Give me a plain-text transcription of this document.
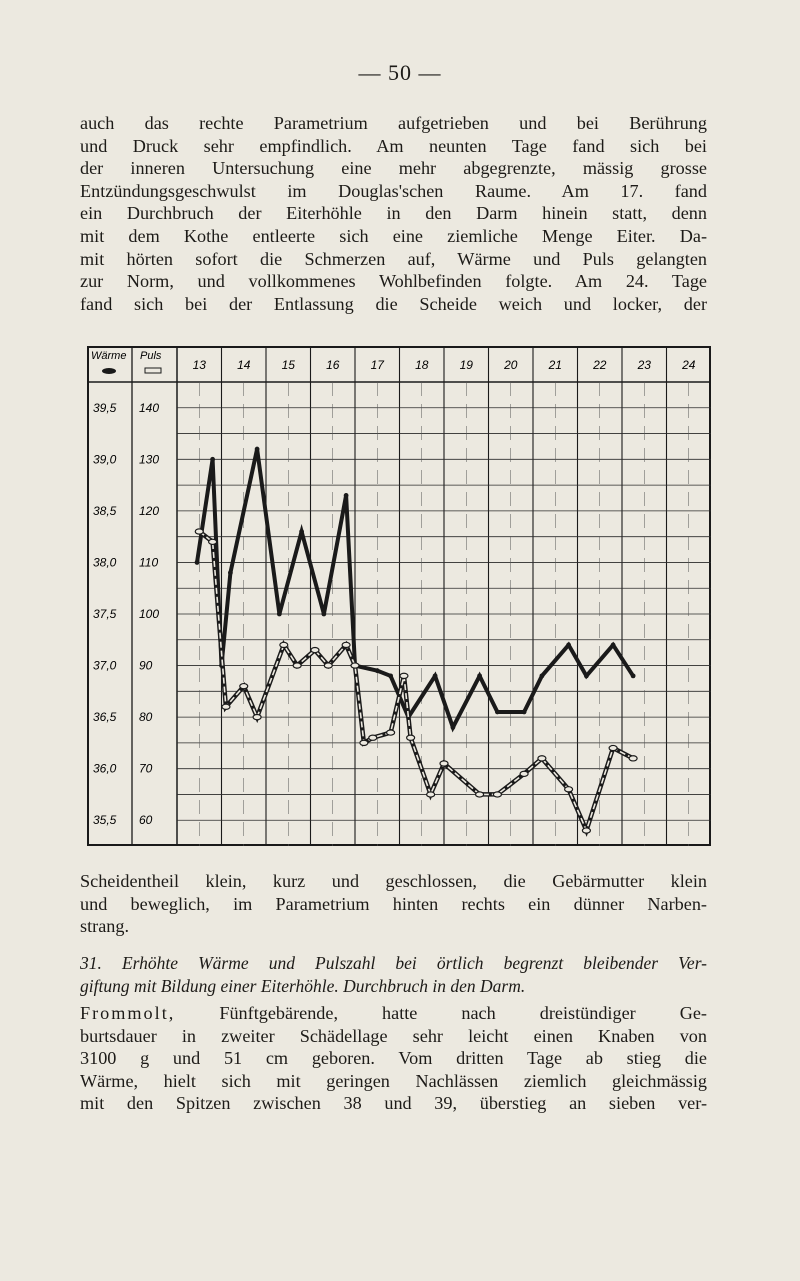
— 50 —
auch das rechte Parametrium aufgetrieben und bei Berührung
und Druck sehr empfindlich. Am neunten Tage fand sich bei
der inneren Untersuchung eine mehr abgegrenzte, mässig grosse
Entzündungsgeschwulst im Douglas'schen Raume. Am 17. fand
ein Durchbruch der Eiterhöhle in den Darm hinein statt, denn
mit dem Kothe entleerte sich eine ziemliche Menge Eiter. Da-
mit hörten sofort die Schmerzen auf, Wärme und Puls gelangten
zur Norm, und vollkommenes Wohlbefinden folgte. Am 24. Tage
fand sich bei der Entlassung die Scheide weich und locker, der
Wärme Puls
13	14	15	16	17	18	19	20	21	22	23	24
39,5
39,0
38,5
38,0
37,5
37,0
36,5
36,0
35,5
140
130
120
110
100
90
80
70
60
Scheidentheil klein, kurz und geschlossen, die Gebärmutter klein
und beweglich, im Parametrium hinten rechts ein dünner Narben-
strang.
31. Erhöhte Wärme und Pulszahl bei örtlich begrenzt bleibender Ver-
giftung mit Bildung einer Eiterhöhle. Durchbruch in den Darm.
Frommolt, Fünftgebärende, hatte nach dreistündiger Ge-
burtsdauer in zweiter Schädellage sehr leicht einen Knaben von
3100 g und 51 cm geboren. Vom dritten Tage ab stieg die
Wärme, hielt sich mit geringen Nachlässen ziemlich gleichmässig
mit den Spitzen zwischen 38 und 39, überstieg an sieben ver-
